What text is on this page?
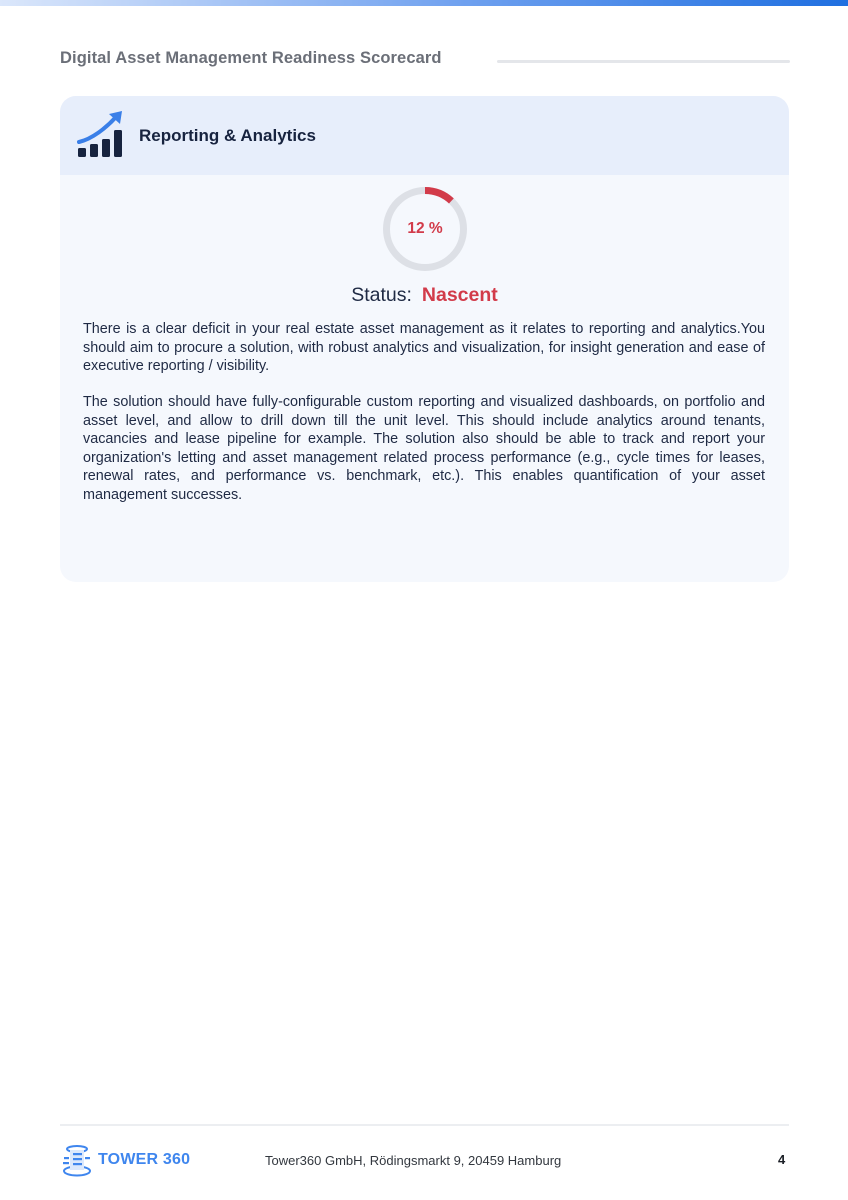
Digital Asset Management Readiness Scorecard
Reporting & Analytics
12 %
Status: Nascent

There is a clear deficit in your real estate asset management as it relates to reporting and analytics.You should aim to procure a solution, with robust analytics and visualization, for insight generation and ease of executive reporting / visibility.

The solution should have fully-configurable custom reporting and visualized dashboards, on portfolio and asset level, and allow to drill down till the unit level. This should include analytics around tenants, vacancies and lease pipeline for example. The solution also should be able to track and report your organization's letting and asset management related process performance (e.g., cycle times for leases, renewal rates, and performance vs. benchmark, etc.). This enables quantification of your asset management successes.

TOWER 360	Tower360 GmbH, Rödingsmarkt 9, 20459 Hamburg	4
